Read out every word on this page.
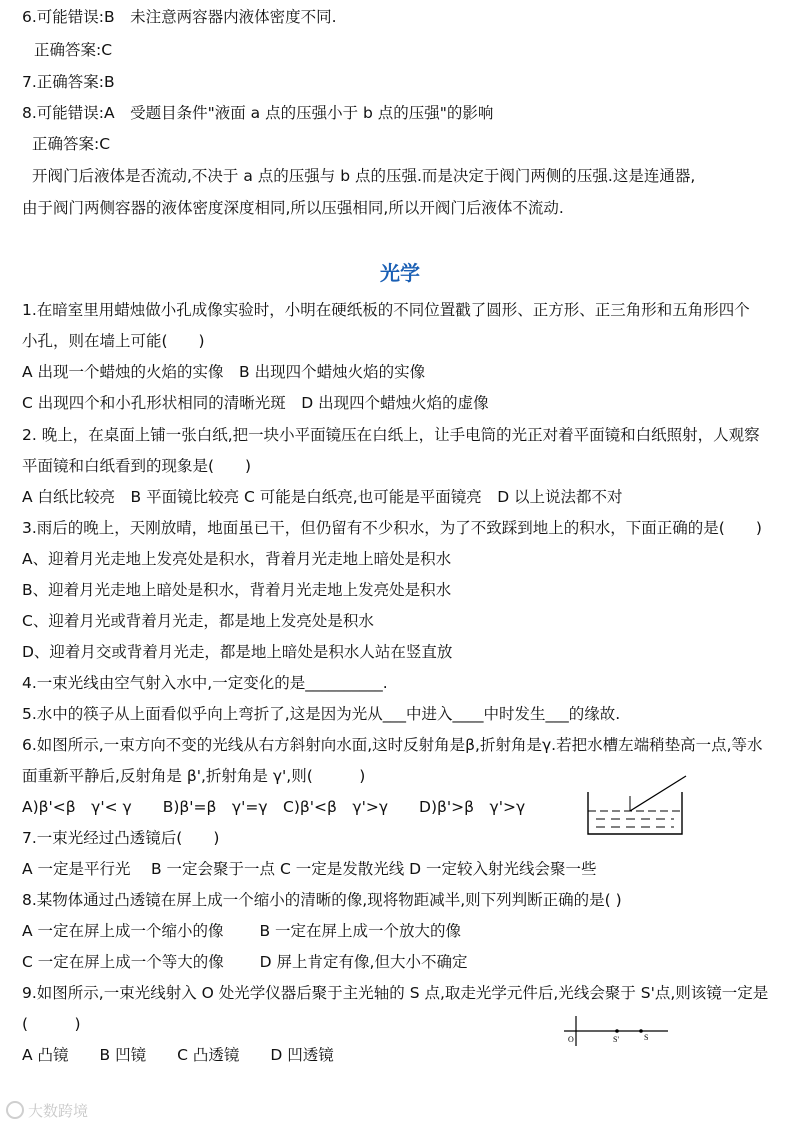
6.可能错误:B　未注意两容器内液体密度不同.
正确答案:C
7.正确答案:B
8.可能错误:A　受题目条件"液面 a 点的压强小于 b 点的压强"的影响
正确答案:C
开阀门后液体是否流动,不决于 a 点的压强与 b 点的压强.而是决定于阀门两侧的压强.这是连通器,
由于阀门两侧容器的液体密度深度相同,所以压强相同,所以开阀门后液体不流动.
光学
1.在暗室里用蜡烛做小孔成像实验时，小明在硬纸板的不同位置戳了圆形、正方形、正三角形和五角形四个
小孔，则在墙上可能(　　)
A 出现一个蜡烛的火焰的实像　B 出现四个蜡烛火焰的实像
C 出现四个和小孔形状相同的清晰光斑　D 出现四个蜡烛火焰的虚像
2. 晚上，在桌面上铺一张白纸,把一块小平面镜压在白纸上，让手电筒的光正对着平面镜和白纸照射，人观察
平面镜和白纸看到的现象是(　　)
A 白纸比较亮　B 平面镜比较亮 C 可能是白纸亮,也可能是平面镜亮　D 以上说法都不对
3.雨后的晚上，天刚放晴，地面虽已干，但仍留有不少积水，为了不致踩到地上的积水，下面正确的是(　　)
A、迎着月光走地上发亮处是积水，背着月光走地上暗处是积水
B、迎着月光走地上暗处是积水，背着月光走地上发亮处是积水
C、迎着月光或背着月光走，都是地上发亮处是积水
D、迎着月交或背着月光走，都是地上暗处是积水人站在竖直放
4.一束光线由空气射入水中,一定变化的是__________.
5.水中的筷子从上面看似乎向上弯折了,这是因为光从___中进入____中时发生___的缘故.
6.如图所示,一束方向不变的光线从右方斜射向水面,这时反射角是β,折射角是γ.若把水槽左端稍垫高一点,等水
面重新平静后,反射角是 β',折射角是 γ',则(　　　)
A)β'<β　γ'< γ　　B)β'=β　γ'=γ　C)β'<β　γ'>γ　　D)β'>β　γ'>γ
7.一束光经过凸透镜后(　　)
A 一定是平行光　 B 一定会聚于一点 C 一定是发散光线 D 一定较入射光线会聚一些
8.某物体通过凸透镜在屏上成一个缩小的清晰的像,现将物距减半,则下列判断正确的是( )
A 一定在屏上成一个缩小的像　　 B 一定在屏上成一个放大的像
C 一定在屏上成一个等大的像　　 D 屏上肯定有像,但大小不确定
9.如图所示,一束光线射入 O 处光学仪器后聚于主光轴的 S 点,取走光学元件后,光线会聚于 S'点,则该镜一定是
(　　　)
A 凸镜　　B 凹镜　　C 凸透镜　　D 凹透镜
O	S'	S
大数跨境
